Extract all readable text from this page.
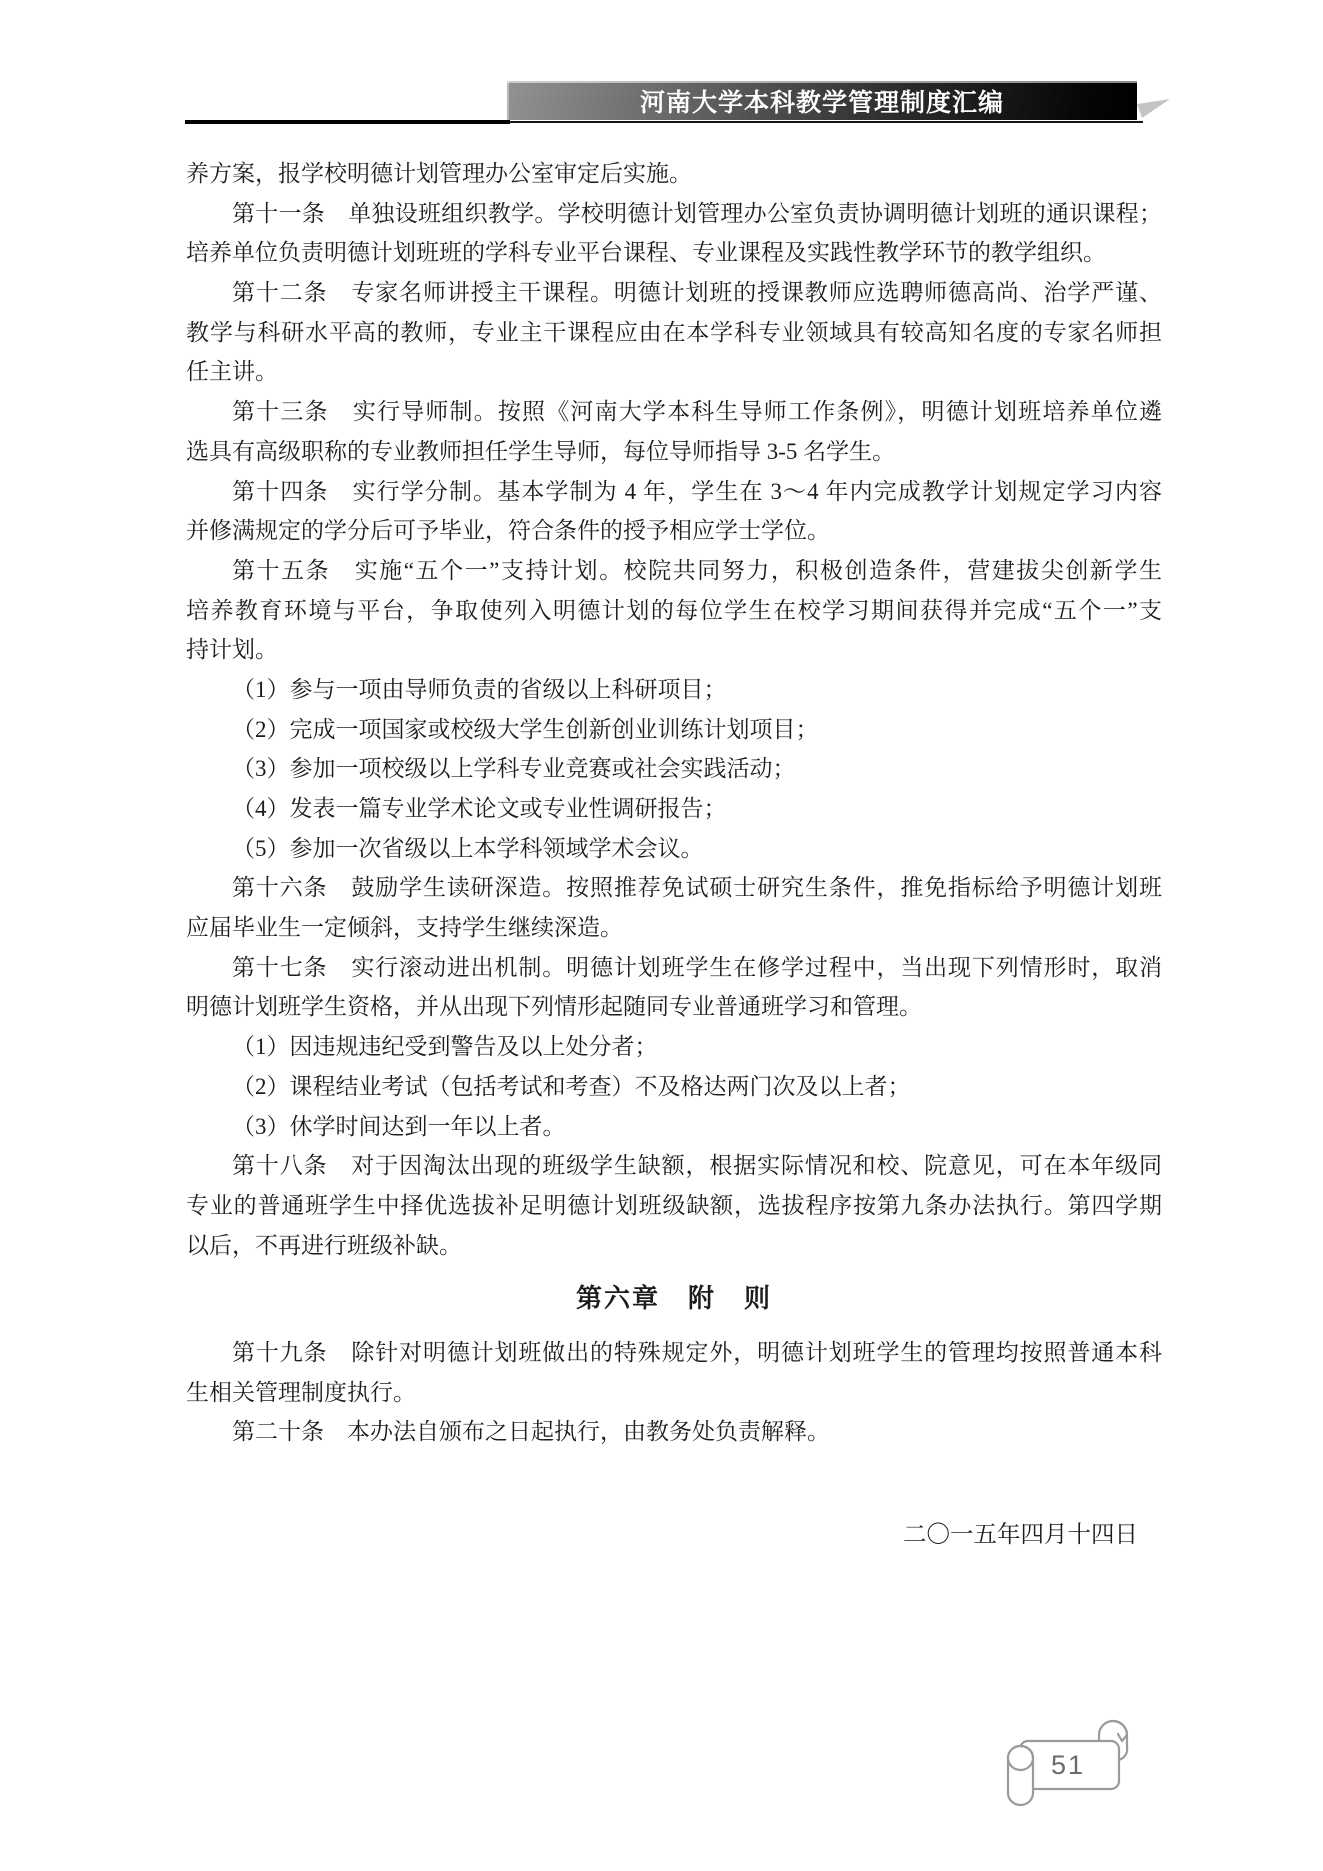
河南大学本科教学管理制度汇编
养方案，报学校明德计划管理办公室审定后实施。
第十一条　单独设班组织教学。学校明德计划管理办公室负责协调明德计划班的通识课程；
培养单位负责明德计划班班的学科专业平台课程、专业课程及实践性教学环节的教学组织。
第十二条　专家名师讲授主干课程。明德计划班的授课教师应选聘师德高尚、治学严谨、
教学与科研水平高的教师，专业主干课程应由在本学科专业领域具有较高知名度的专家名师担
任主讲。
第十三条　实行导师制。按照《河南大学本科生导师工作条例》，明德计划班培养单位遴
选具有高级职称的专业教师担任学生导师，每位导师指导 3-5 名学生。
第十四条　实行学分制。基本学制为 4 年，学生在 3～4 年内完成教学计划规定学习内容
并修满规定的学分后可予毕业，符合条件的授予相应学士学位。
第十五条　实施“五个一”支持计划。校院共同努力，积极创造条件，营建拔尖创新学生
培养教育环境与平台，争取使列入明德计划的每位学生在校学习期间获得并完成“五个一”支
持计划。
（1）参与一项由导师负责的省级以上科研项目；
（2）完成一项国家或校级大学生创新创业训练计划项目；
（3）参加一项校级以上学科专业竞赛或社会实践活动；
（4）发表一篇专业学术论文或专业性调研报告；
（5）参加一次省级以上本学科领域学术会议。
第十六条　鼓励学生读研深造。按照推荐免试硕士研究生条件，推免指标给予明德计划班
应届毕业生一定倾斜，支持学生继续深造。
第十七条　实行滚动进出机制。明德计划班学生在修学过程中，当出现下列情形时，取消
明德计划班学生资格，并从出现下列情形起随同专业普通班学习和管理。
（1）因违规违纪受到警告及以上处分者；
（2）课程结业考试（包括考试和考查）不及格达两门次及以上者；
（3）休学时间达到一年以上者。
第十八条　对于因淘汰出现的班级学生缺额，根据实际情况和校、院意见，可在本年级同
专业的普通班学生中择优选拔补足明德计划班级缺额，选拔程序按第九条办法执行。第四学期
以后，不再进行班级补缺。
第六章　附　则
第十九条　除针对明德计划班做出的特殊规定外，明德计划班学生的管理均按照普通本科
生相关管理制度执行。
第二十条　本办法自颁布之日起执行，由教务处负责解释。
二〇一五年四月十四日
51
